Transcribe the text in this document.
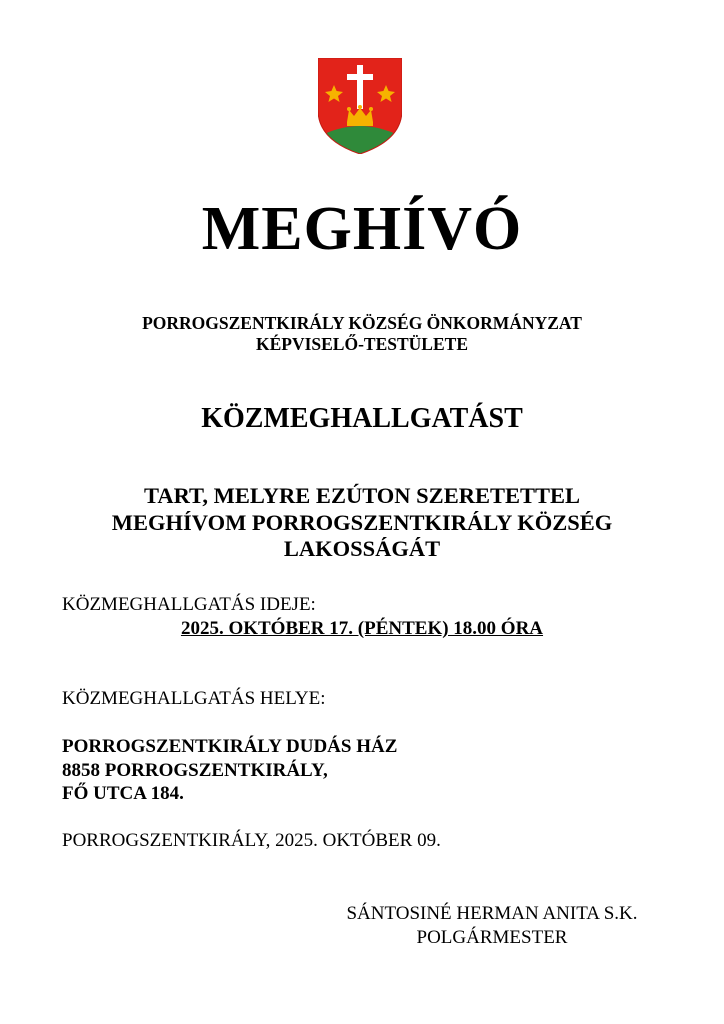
MEGHÍVÓ
PORROGSZENTKIRÁLY KÖZSÉG ÖNKORMÁNYZAT
KÉPVISELŐ-TESTÜLETE
KÖZMEGHALLGATÁST
TART, MELYRE EZÚTON SZERETETTEL
MEGHÍVOM PORROGSZENTKIRÁLY KÖZSÉG
LAKOSSÁGÁT
KÖZMEGHALLGATÁS IDEJE:
2025. OKTÓBER 17. (PÉNTEK) 18.00 ÓRA
KÖZMEGHALLGATÁS HELYE:
PORROGSZENTKIRÁLY DUDÁS HÁZ
8858 PORROGSZENTKIRÁLY,
FŐ UTCA 184.
PORROGSZENTKIRÁLY, 2025. OKTÓBER 09.
SÁNTOSINÉ HERMAN ANITA S.K.
POLGÁRMESTER
